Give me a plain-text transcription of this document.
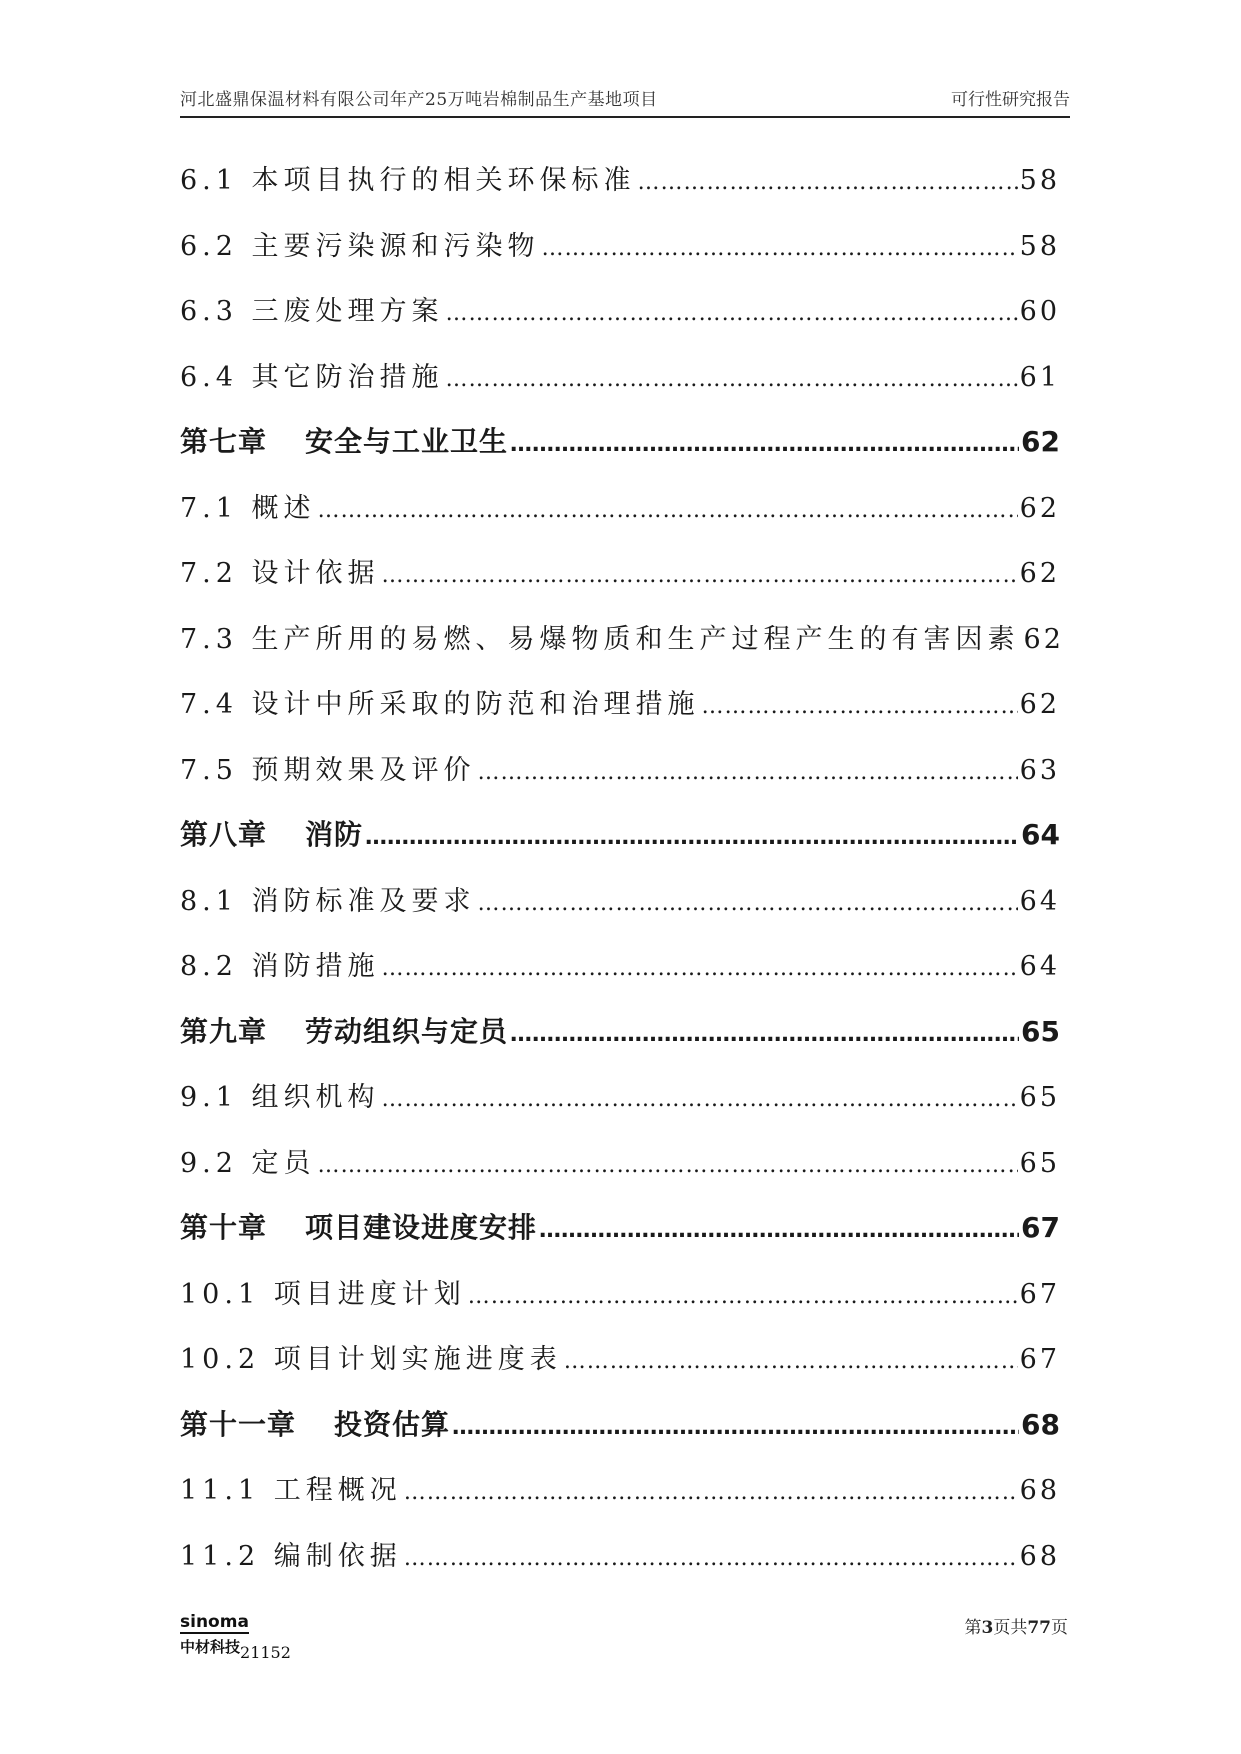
河北盛鼎保温材料有限公司年产25万吨岩棉制品生产基地项目	可行性研究报告
6.1 本项目执行的相关环保标准 ………………………………………………………………………………………………………………………………………………	58
6.2 主要污染源和污染物 ………………………………………………………………………………………………………………………………………………	58
6.3 三废处理方案 ………………………………………………………………………………………………………………………………………………	60
6.4 其它防治措施 ………………………………………………………………………………………………………………………………………………	61
第七章 安全与工业卫生 ………………………………………………………………………………………………………………………………………………	62
7.1 概述 ………………………………………………………………………………………………………………………………………………	62
7.2 设计依据 ………………………………………………………………………………………………………………………………………………	62
7.3 生产所用的易燃、易爆物质和生产过程产生的有害因素 62
7.4 设计中所采取的防范和治理措施 ………………………………………………………………………………………………………………………………………………	62
7.5 预期效果及评价 ………………………………………………………………………………………………………………………………………………	63
第八章 消防 ………………………………………………………………………………………………………………………………………………	64
8.1 消防标准及要求 ………………………………………………………………………………………………………………………………………………	64
8.2 消防措施 ………………………………………………………………………………………………………………………………………………	64
第九章 劳动组织与定员 ………………………………………………………………………………………………………………………………………………	65
9.1 组织机构 ………………………………………………………………………………………………………………………………………………	65
9.2 定员 ………………………………………………………………………………………………………………………………………………	65
第十章 项目建设进度安排 ………………………………………………………………………………………………………………………………………………	67
10.1 项目进度计划 ………………………………………………………………………………………………………………………………………………	67
10.2 项目计划实施进度表 ………………………………………………………………………………………………………………………………………………	67
第十一章 投资估算 ………………………………………………………………………………………………………………………………………………	68
11.1 工程概况 ………………………………………………………………………………………………………………………………………………	68
11.2 编制依据 ………………………………………………………………………………………………………………………………………………	68
sinoma
中材科技21152
第3页共77页
